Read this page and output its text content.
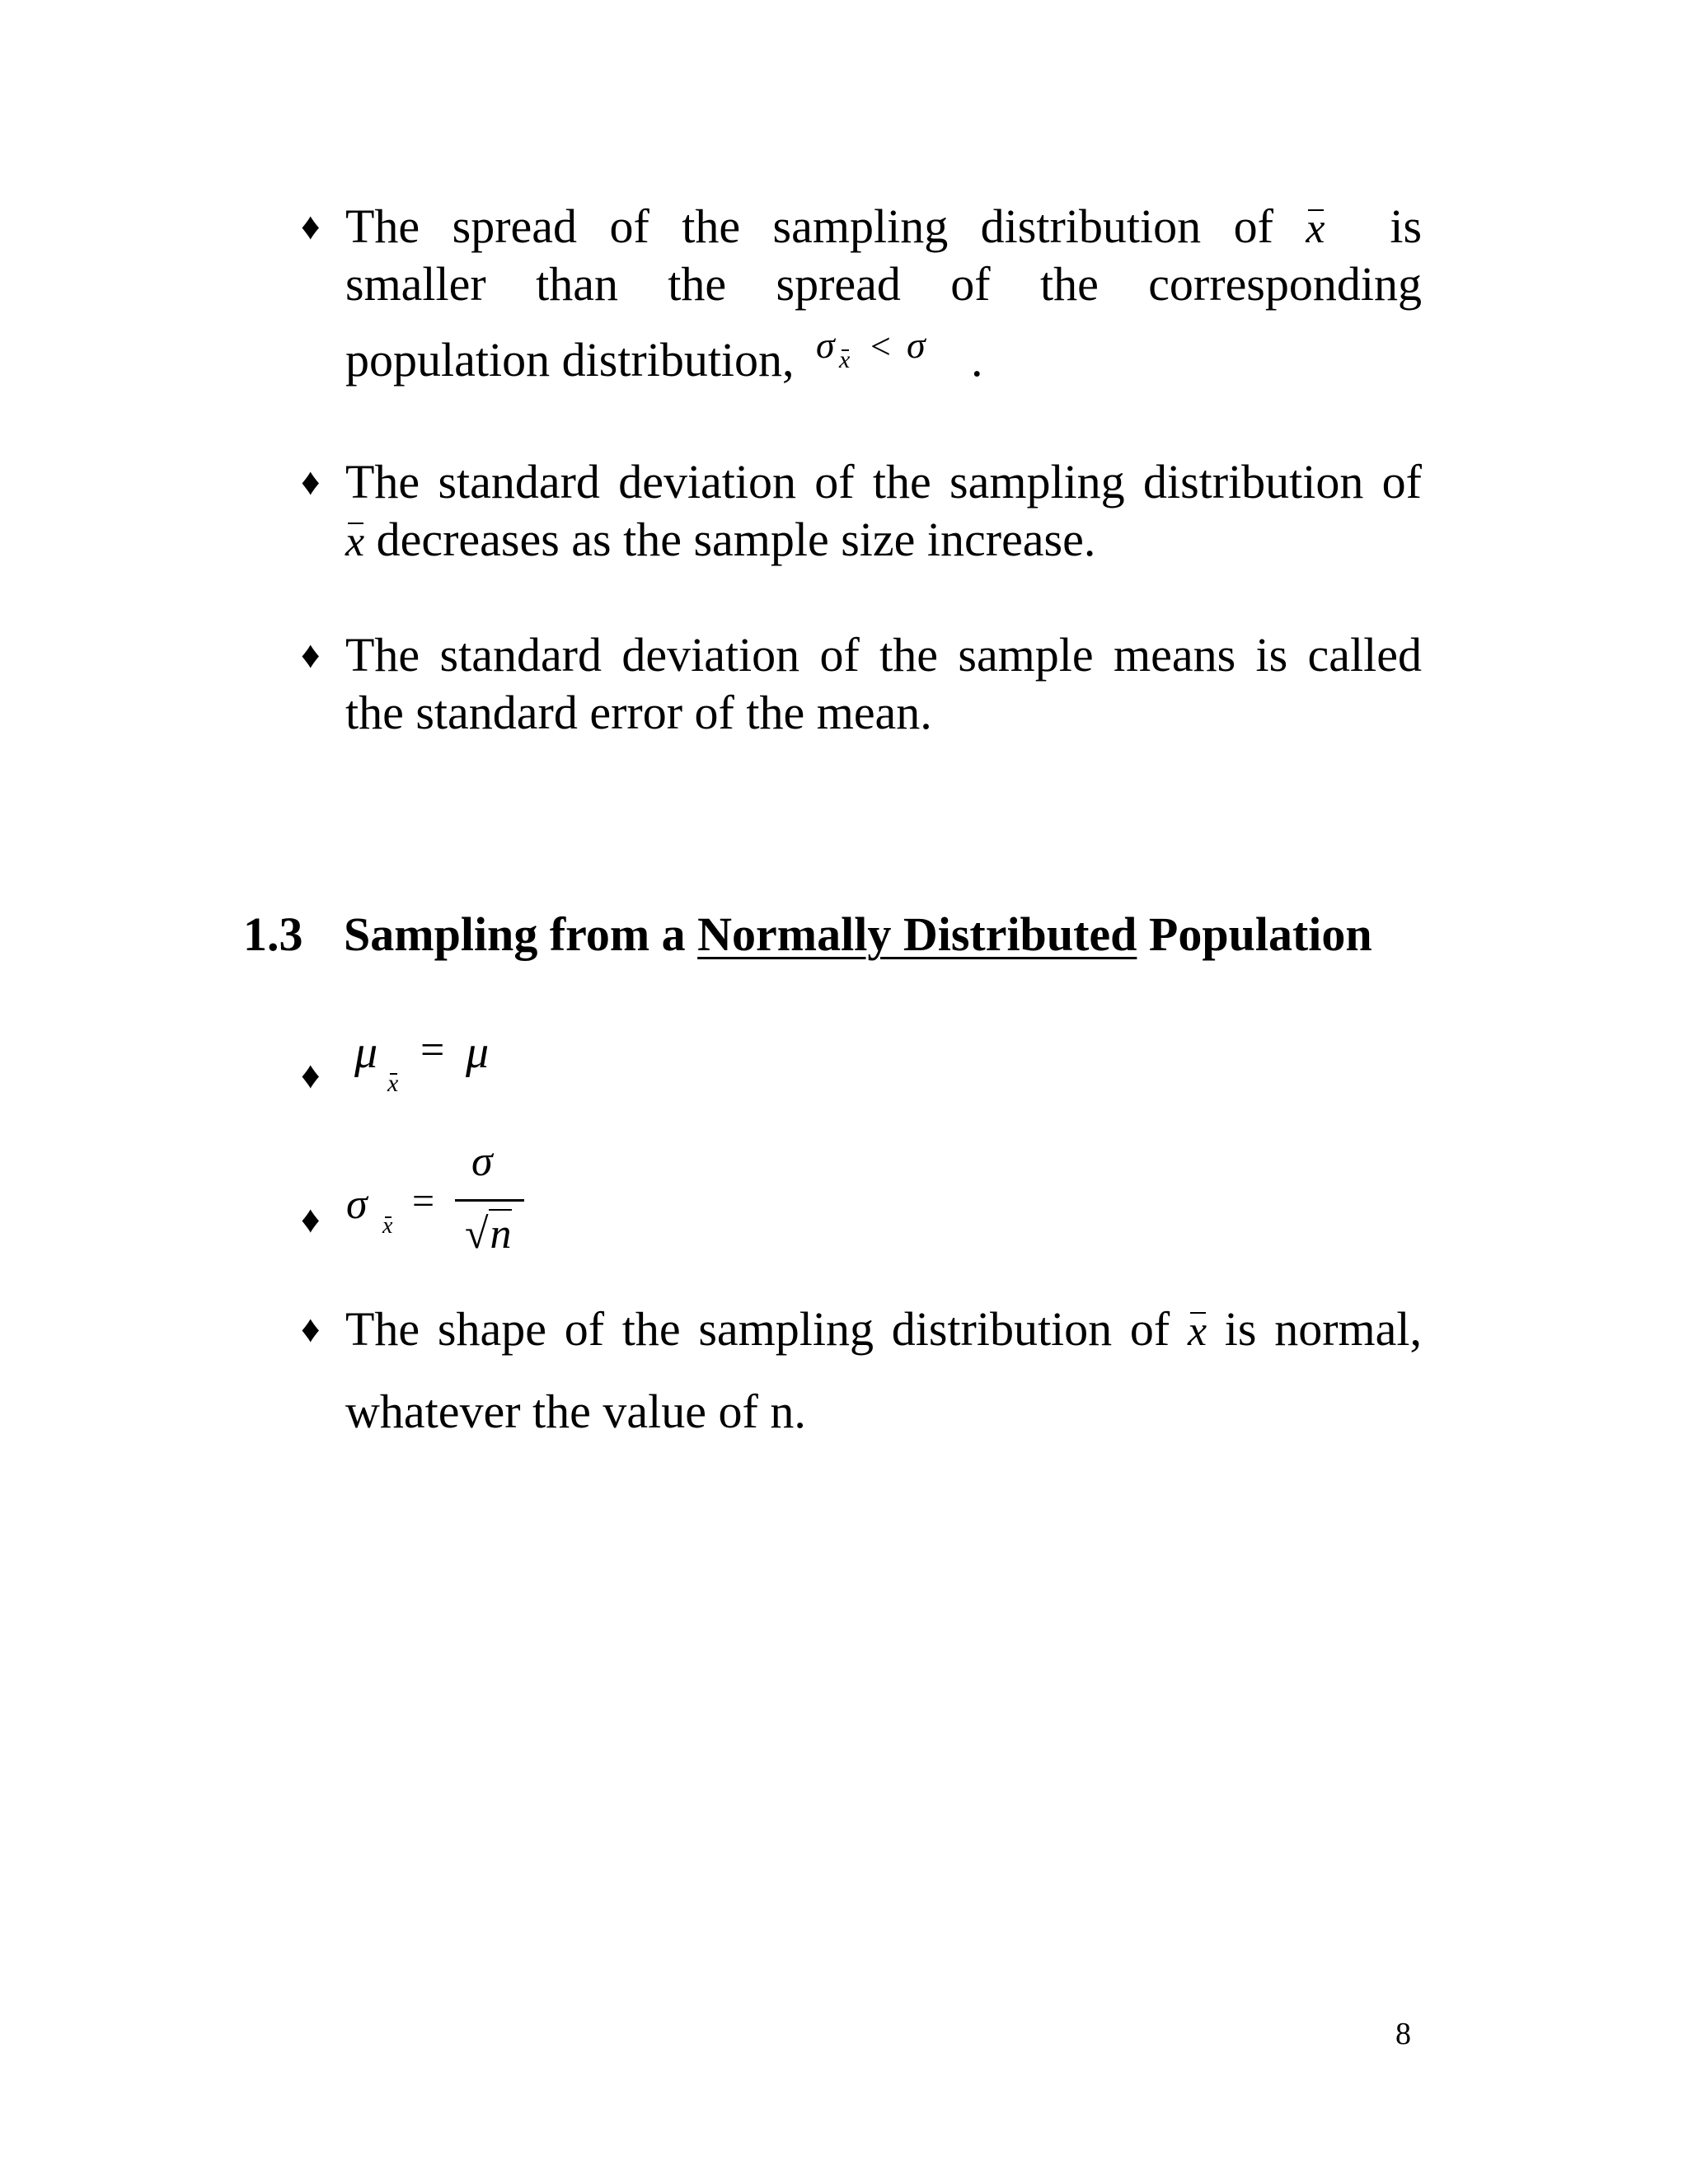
♦ The spread of the sampling distribution of x is
smaller than the spread of the corresponding
population distribution, σ x < σ .
♦ The standard deviation of the sampling distribution of
x decreases as the sample size increase.
♦ The standard deviation of the sample means is called
the standard error of the mean.
1.3 Sampling from a Normally Distributed Population
♦ μ
x
= μ
♦ σ x
=
σ
√n
♦ The shape of the sampling distribution of x is normal,
whatever the value of n.
8
